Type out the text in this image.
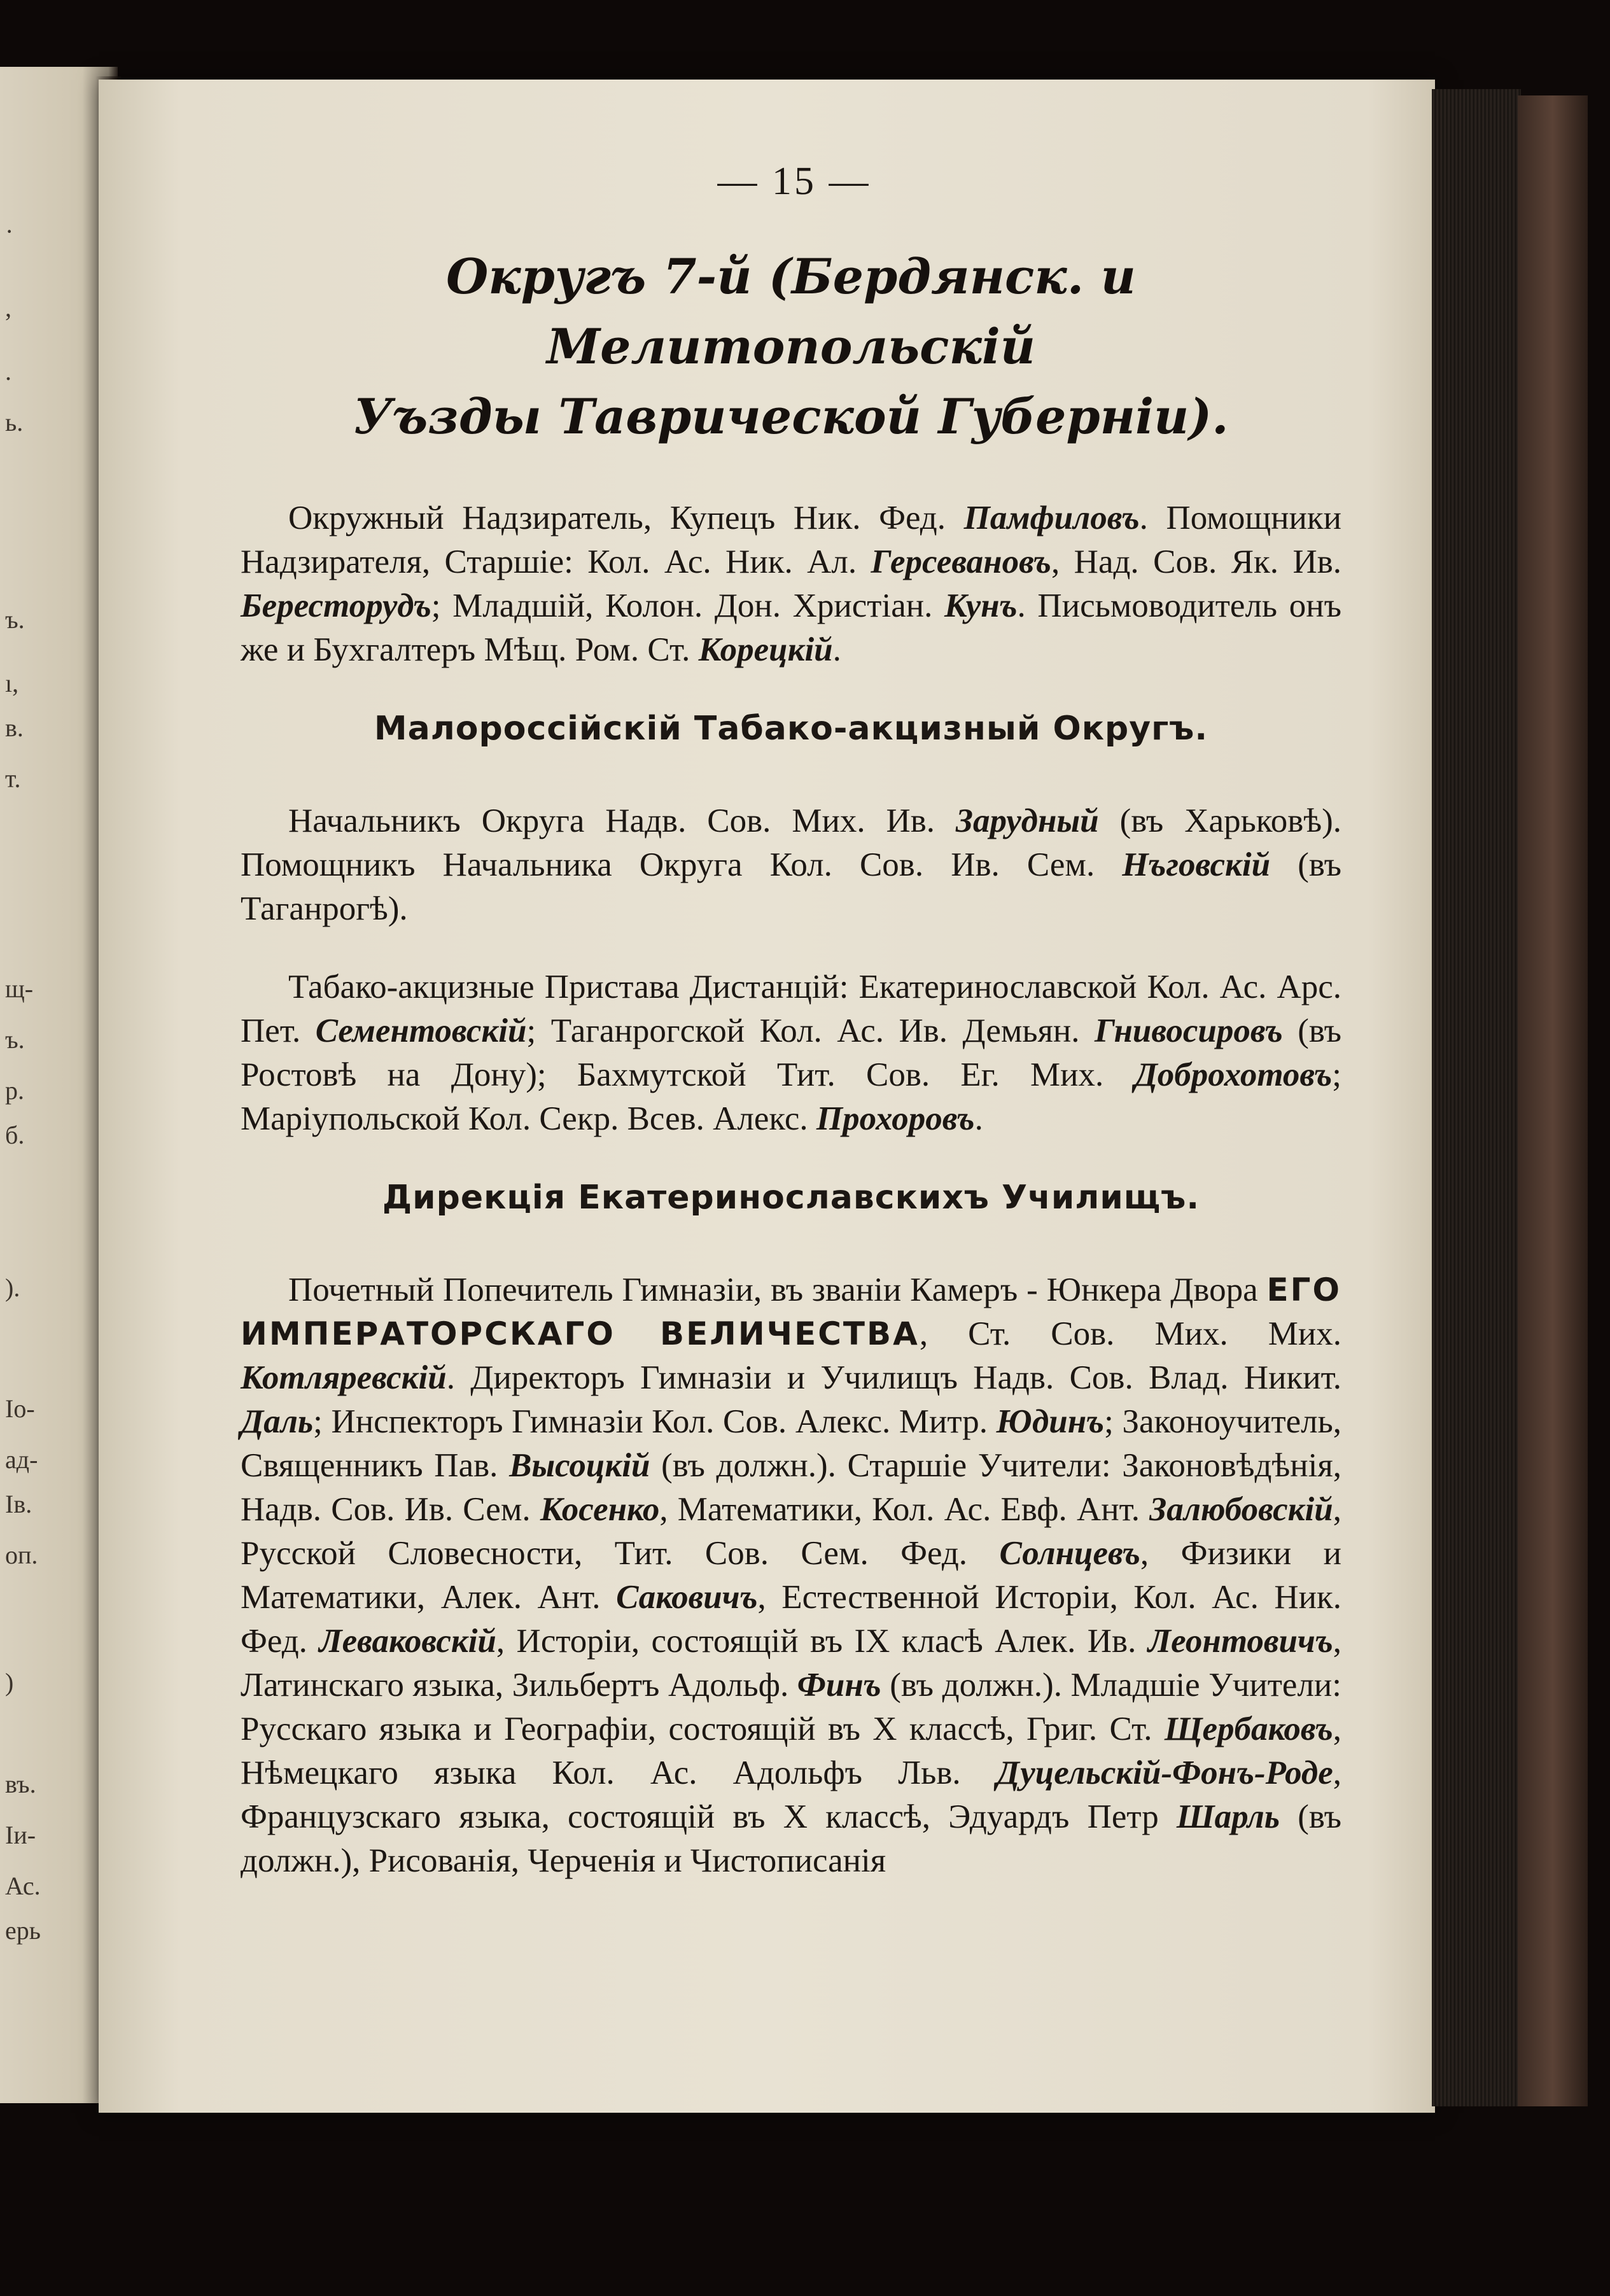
·
,
.
ь.
ъ.
ı,
в.
т.
щ-
ъ.
р.
б.
).
Io-
ад-
Iв.
оп.
)
въ.
Iи-
Ас.
ерь
— 15 —
Округъ 7-й (Бердянск. и Мелитопольскій
Уъзды Таврической Губерніи).

Окружный Надзиратель, Купецъ Ник. Фед. Памфиловъ. Помощники Надзирателя, Старшіе: Кол. Ас. Ник. Ал. Герсевановъ, Над. Сов. Як. Ив. Бересторудъ; Младшій, Колон. Дон. Христіан. Кунъ. Письмоводитель онъ же и Бухгалтеръ Мѣщ. Ром. Ст. Корецкій.

Малороссійскій Табако-акцизный Округъ.

Начальникъ Округа Надв. Сов. Мих. Ив. Зарудный (въ Харьковѣ). Помощникъ Начальника Округа Кол. Сов. Ив. Сем. Нъговскій (въ Таганрогѣ).

Табако-акцизные Пристава Дистанцій: Екатеринославской Кол. Ас. Арс. Пет. Сементовскій; Таганрогской Кол. Ас. Ив. Демьян. Гнивосировъ (въ Ростовѣ на Дону); Бахмутской Тит. Сов. Ег. Мих. Доброхотовъ; Маріупольской Кол. Секр. Всев. Алекс. Прохоровъ.

Дирекція Екатеринославскихъ Училищъ.

Почетный Попечитель Гимназіи, въ званіи Камеръ - Юнкера Двора ЕГО ИМПЕРАТОРСКАГО ВЕЛИЧЕСТВА, Ст. Сов. Мих. Мих. Котляревскій. Директоръ Гимназіи и Училищъ Надв. Сов. Влад. Никит. Даль; Инспекторъ Гимназіи Кол. Сов. Алекс. Митр. Юдинъ; Законоучитель, Священникъ Пав. Высоцкій (въ должн.). Старшіе Учители: Законовѣдѣнія, Надв. Сов. Ив. Сем. Косенко, Математики, Кол. Ас. Евф. Ант. Залюбовскій, Русской Словесности, Тит. Сов. Сем. Фед. Солнцевъ, Физики и Математики, Алек. Ант. Саковичъ, Естественной Исторіи, Кол. Ас. Ник. Фед. Леваковскій, Исторіи, состоящій въ IX класѣ Алек. Ив. Леонтовичъ, Латинскаго языка, Зильбертъ Адольф. Финъ (въ должн.). Младшіе Учители: Русскаго языка и Географіи, состоящій въ X классѣ, Григ. Ст. Щербаковъ, Нѣмецкаго языка Кол. Ас. Адольфъ Льв. Дуцельскій-Фонъ-Роде, Французскаго языка, состоящій въ X классѣ, Эдуардъ Петр Шарль (въ должн.), Рисованія, Черченія и Чистописанія
